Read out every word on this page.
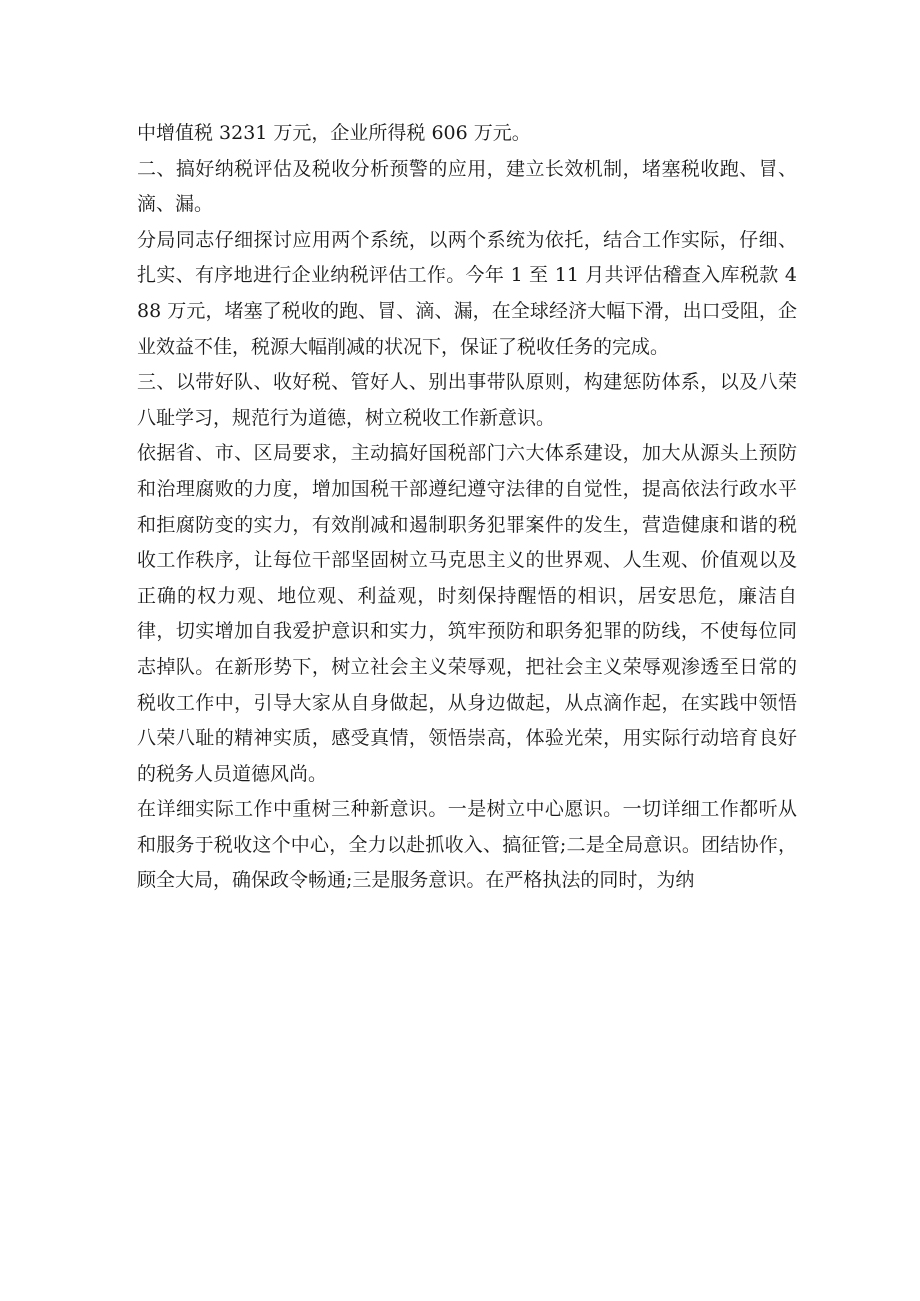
中增值税 3231 万元，企业所得税 606 万元。

二、搞好纳税评估及税收分析预警的应用，建立长效机制，堵塞税收跑、冒、滴、漏。

分局同志仔细探讨应用两个系统，以两个系统为依托，结合工作实际，仔细、扎实、有序地进行企业纳税评估工作。今年 1 至 11 月共评估稽查入库税款 488 万元，堵塞了税收的跑、冒、滴、漏，在全球经济大幅下滑，出口受阻，企业效益不佳，税源大幅削减的状况下，保证了税收任务的完成。

三、以带好队、收好税、管好人、别出事带队原则，构建惩防体系，以及八荣八耻学习，规范行为道德，树立税收工作新意识。

依据省、市、区局要求，主动搞好国税部门六大体系建设，加大从源头上预防和治理腐败的力度，增加国税干部遵纪遵守法律的自觉性，提高依法行政水平和拒腐防变的实力，有效削减和遏制职务犯罪案件的发生，营造健康和谐的税收工作秩序，让每位干部坚固树立马克思主义的世界观、人生观、价值观以及正确的权力观、地位观、利益观，时刻保持醒悟的相识，居安思危，廉洁自律，切实增加自我爱护意识和实力，筑牢预防和职务犯罪的防线，不使每位同志掉队。在新形势下，树立社会主义荣辱观，把社会主义荣辱观渗透至日常的税收工作中，引导大家从自身做起，从身边做起，从点滴作起，在实践中领悟八荣八耻的精神实质，感受真情，领悟崇高，体验光荣，用实际行动培育良好的税务人员道德风尚。

在详细实际工作中重树三种新意识。一是树立中心愿识。一切详细工作都听从和服务于税收这个中心，全力以赴抓收入、搞征管;二是全局意识。团结协作，顾全大局，确保政令畅通;三是服务意识。在严格执法的同时，为纳
